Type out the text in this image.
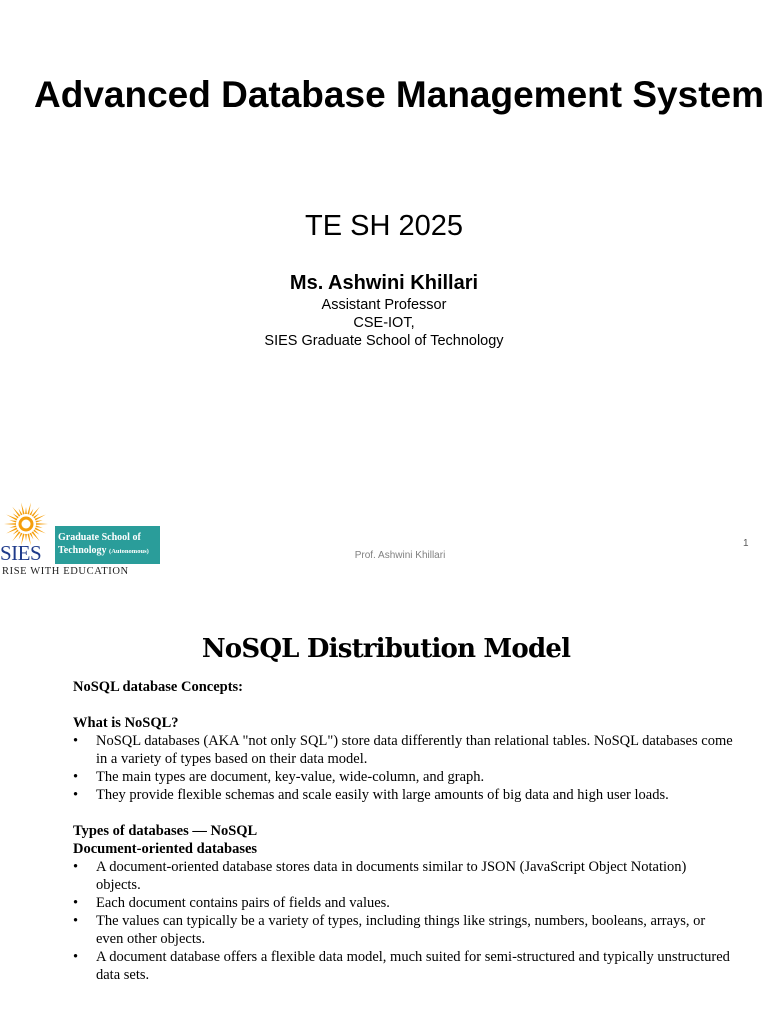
Advanced Database Management System
TE SH 2025
Ms. Ashwini Khillari
Assistant Professor
CSE-IOT,
SIES Graduate School of Technology
SIES
Graduate School of
Technology (Autonomous)
RISE WITH EDUCATION
Prof. Ashwini Khillari
1
NoSQL Distribution Model
NoSQL database Concepts:
What is NoSQL?
• NoSQL databases (AKA "not only SQL") store data differently than relational tables. NoSQL databases come in a variety of types based on their data model.
• The main types are document, key-value, wide-column, and graph.
• They provide flexible schemas and scale easily with large amounts of big data and high user loads.
Types of databases — NoSQL
Document-oriented databases
• A document-oriented database stores data in documents similar to JSON (JavaScript Object Notation) objects.
• Each document contains pairs of fields and values.
• The values can typically be a variety of types, including things like strings, numbers, booleans, arrays, or even other objects.
• A document database offers a flexible data model, much suited for semi-structured and typically unstructured data sets.
